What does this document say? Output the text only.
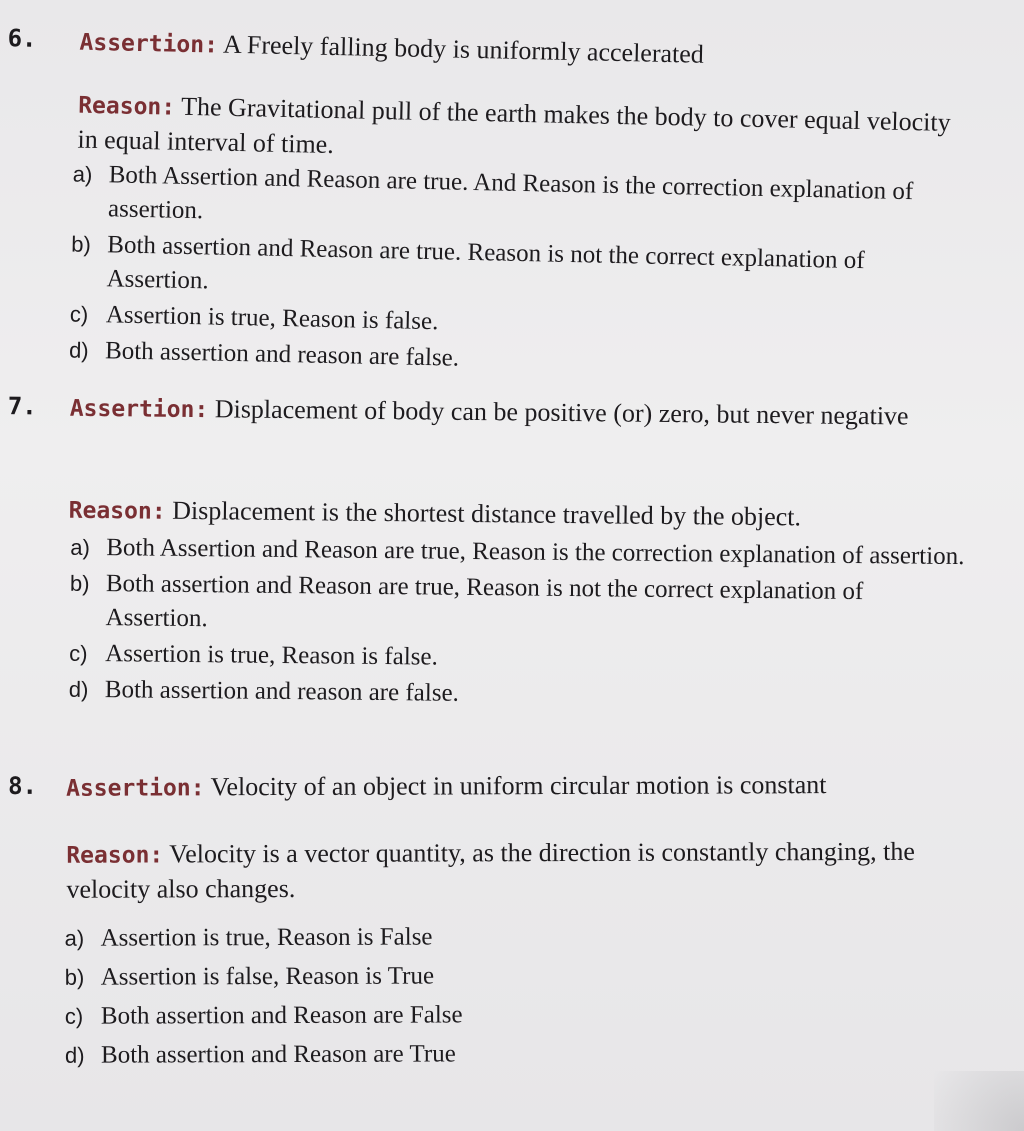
6. Assertion: A Freely falling body is uniformly accelerated
Reason: The Gravitational pull of the earth makes the body to cover equal velocity in equal interval of time.
a) Both Assertion and Reason are true. And Reason is the correction explanation of assertion.
b) Both assertion and Reason are true. Reason is not the correct explanation of Assertion.
c) Assertion is true, Reason is false.
d) Both assertion and reason are false.
7. Assertion: Displacement of body can be positive (or) zero, but never negative
Reason: Displacement is the shortest distance travelled by the object.
a) Both Assertion and Reason are true, Reason is the correction explanation of assertion.
b) Both assertion and Reason are true, Reason is not the correct explanation of Assertion.
c) Assertion is true, Reason is false.
d) Both assertion and reason are false.
8. Assertion: Velocity of an object in uniform circular motion is constant
Reason: Velocity is a vector quantity, as the direction is constantly changing, the velocity also changes.
a) Assertion is true, Reason is False
b) Assertion is false, Reason is True
c) Both assertion and Reason are False
d) Both assertion and Reason are True
